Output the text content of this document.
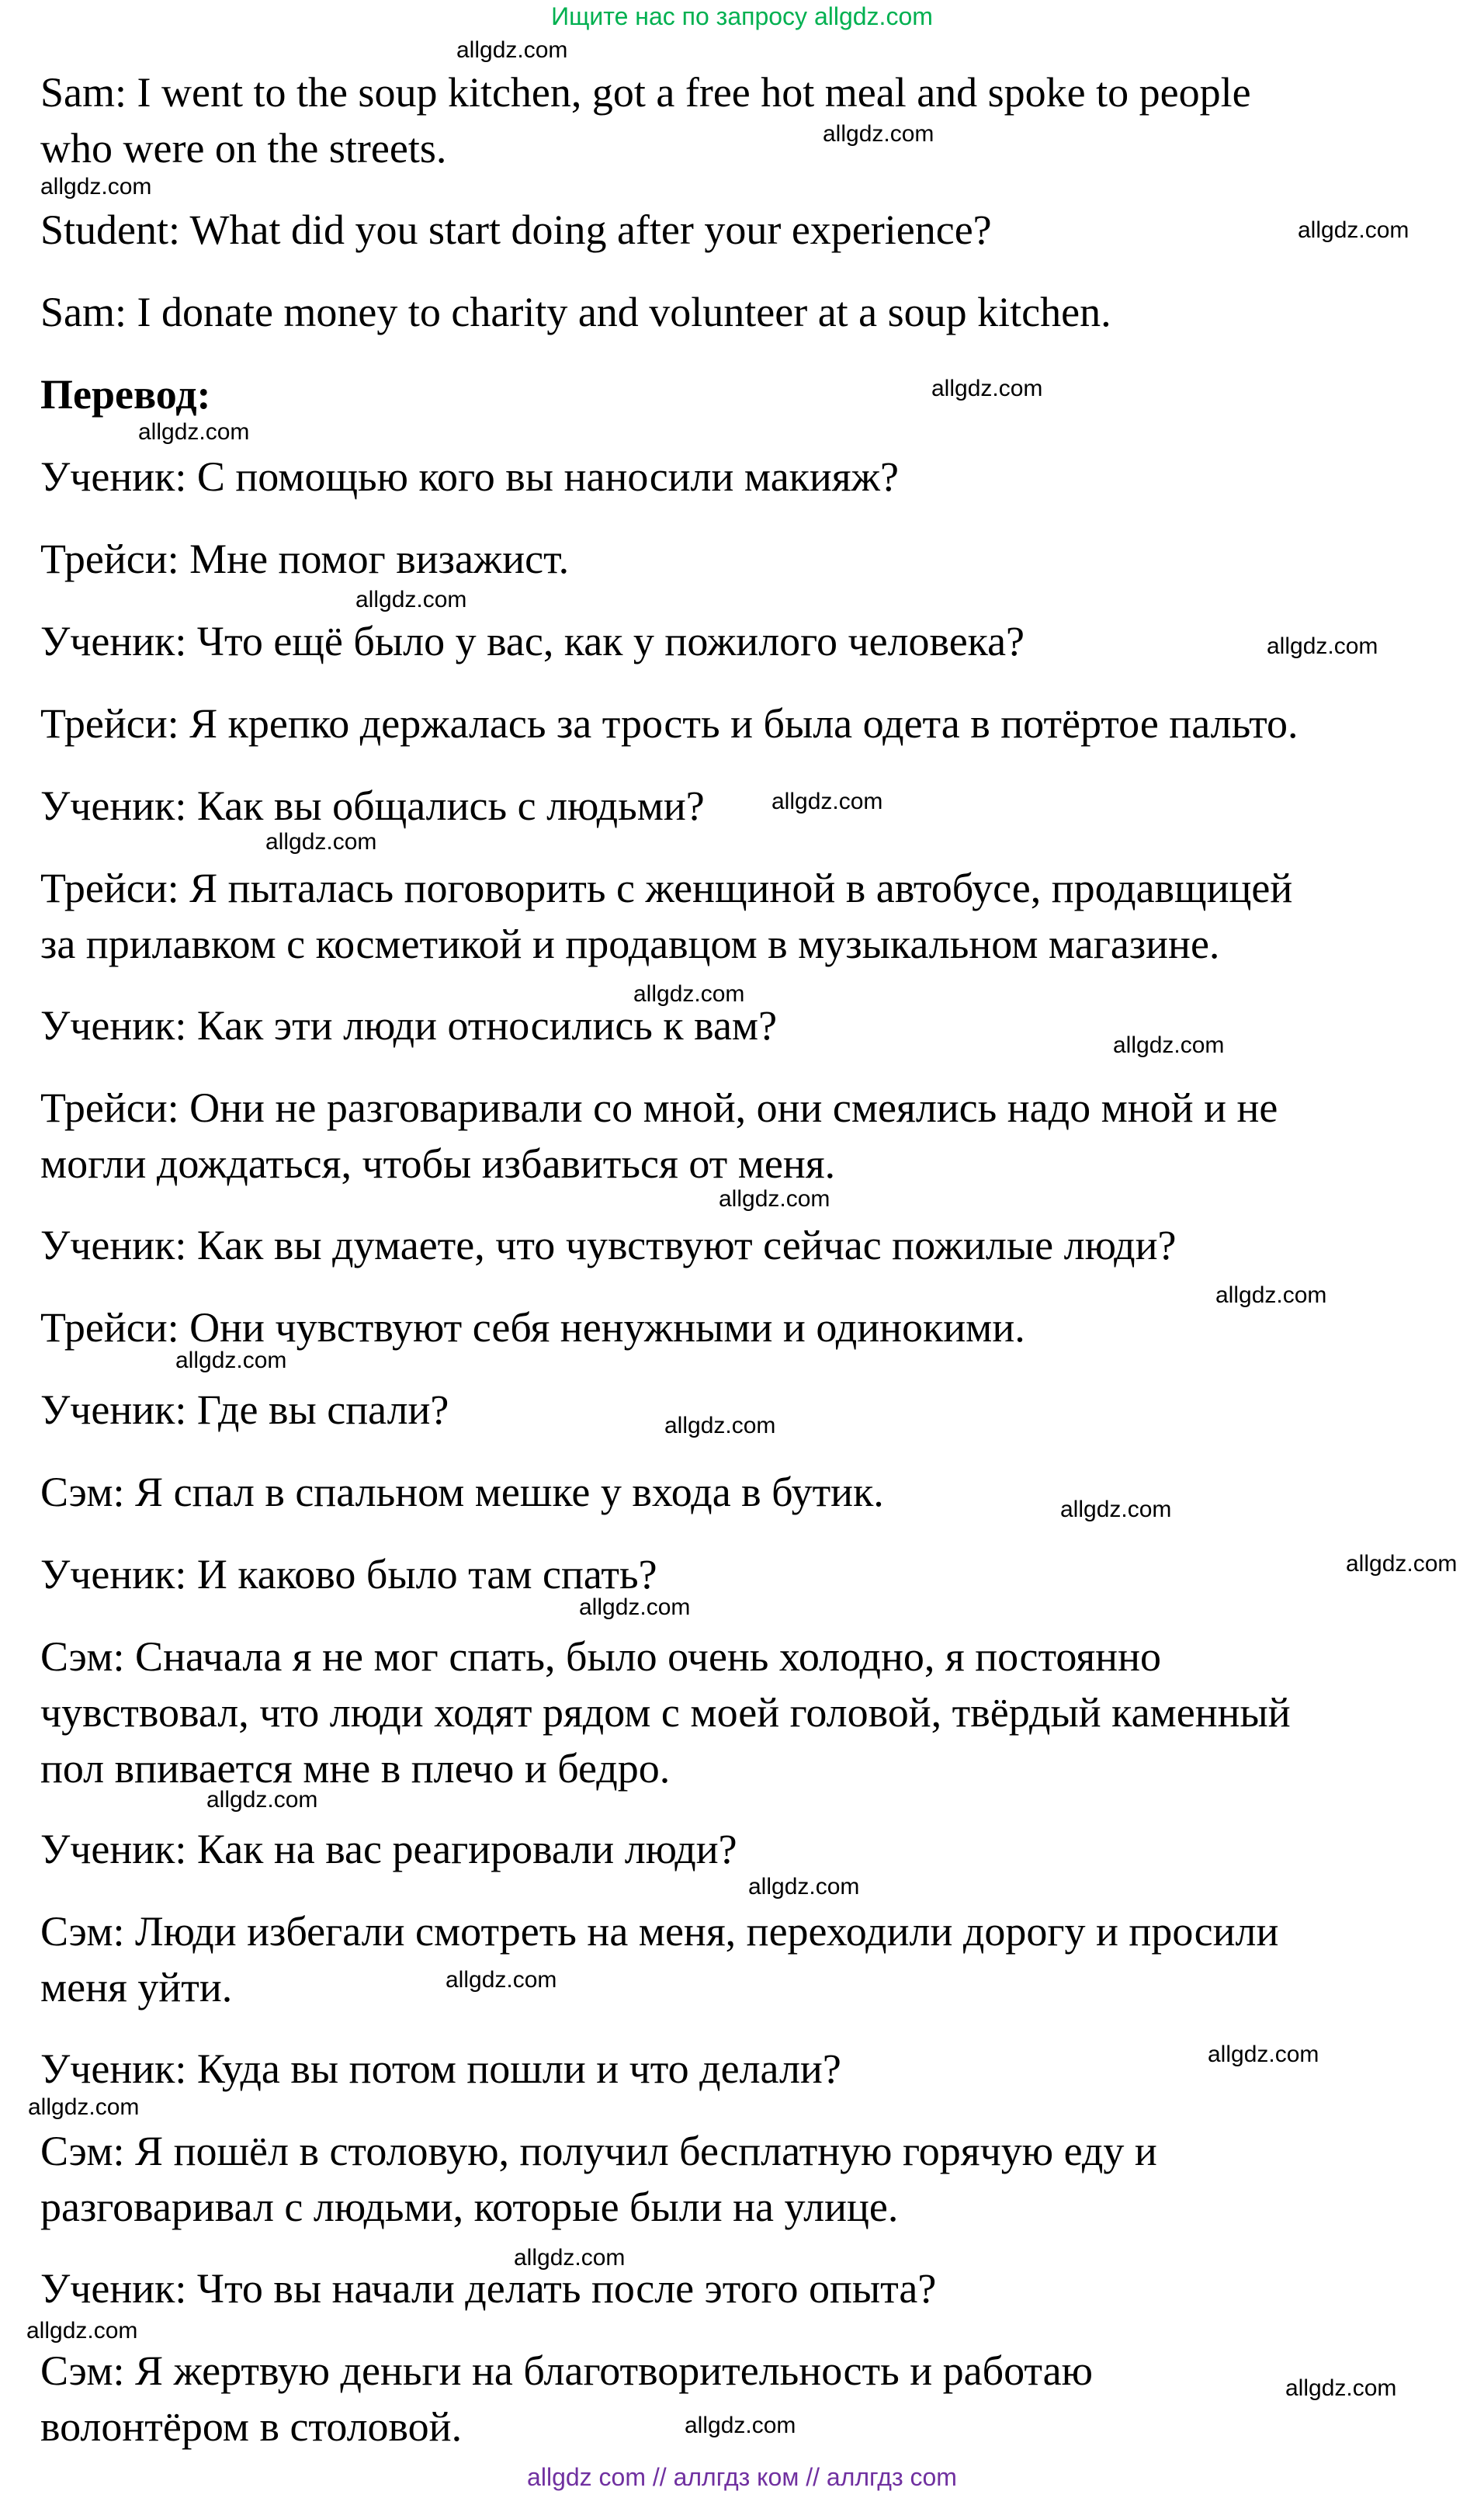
Ищите нас по запросу allgdz.com

Sam: I went to the soup kitchen, got a free hot meal and spoke to people
who were on the streets.

Student: What did you start doing after your experience?

Sam: I donate money to charity and volunteer at a soup kitchen.

Перевод:

Ученик: С помощью кого вы наносили макияж?

Трейси: Мне помог визажист.

Ученик: Что ещё было у вас, как у пожилого человека?

Трейси: Я крепко держалась за трость и была одета в потёртое пальто.

Ученик: Как вы общались с людьми?

Трейси: Я пыталась поговорить с женщиной в автобусе, продавщицей
за прилавком с косметикой и продавцом в музыкальном магазине.

Ученик: Как эти люди относились к вам?

Трейси: Они не разговаривали со мной, они смеялись надо мной и не
могли дождаться, чтобы избавиться от меня.

Ученик: Как вы думаете, что чувствуют сейчас пожилые люди?

Трейси: Они чувствуют себя ненужными и одинокими.

Ученик: Где вы спали?

Сэм: Я спал в спальном мешке у входа в бутик.

Ученик: И каково было там спать?

Сэм: Сначала я не мог спать, было очень холодно, я постоянно
чувствовал, что люди ходят рядом с моей головой, твёрдый каменный
пол впивается мне в плечо и бедро.

Ученик: Как на вас реагировали люди?

Сэм: Люди избегали смотреть на меня, переходили дорогу и просили
меня уйти.

Ученик: Куда вы потом пошли и что делали?

Сэм: Я пошёл в столовую, получил бесплатную горячую еду и
разговаривал с людьми, которые были на улице.

Ученик: Что вы начали делать после этого опыта?

Сэм: Я жертвую деньги на благотворительность и работаю
волонтёром в столовой.

allgdz.com
allgdz.com
allgdz.com
allgdz.com
allgdz.com
allgdz.com
allgdz.com
allgdz.com
allgdz.com
allgdz.com
allgdz.com
allgdz.com
allgdz.com
allgdz.com
allgdz.com
allgdz.com
allgdz.com
allgdz.com
allgdz.com
allgdz.com
allgdz.com
allgdz.com
allgdz.com
allgdz.com
allgdz.com
allgdz.com
allgdz.com
allgdz.com
allgdz com // аллгдз ком // аллгдз com
